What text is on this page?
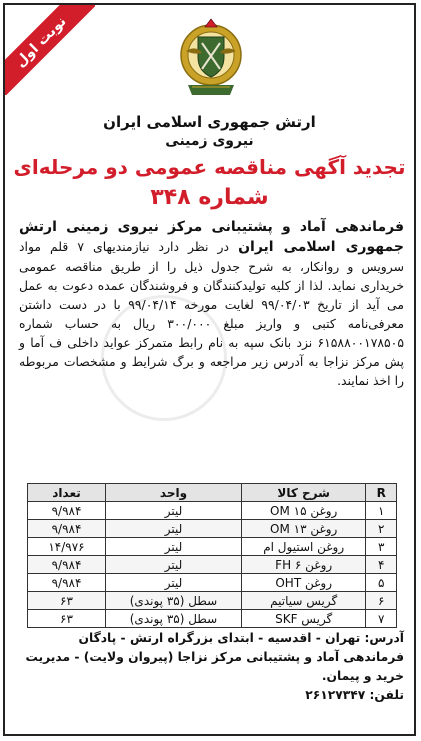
نوبت اول
ارتش جمهوری اسلامی ایران
نیروی زمینی
تجدید آگهی مناقصه عمومی دو مرحله‌ای
شماره ۳۴۸
فرماندهی آماد و پشتیبانی مرکز نیروی زمینی ارتش جمهوری اسلامی ایران در نظر دارد نیازمندیهای ۷ قلم مواد سرویس و روانکار، به شرح جدول ذیل را از طریق مناقصه عمومی خریداری نماید. لذا از کلیه تولیدکنندگان و فروشندگان عمده دعوت به عمل می آید از تاریخ ۹۹/۰۴/۰۳ لغایت مورخه ۹۹/۰۴/۱۴ با در دست داشتن معرفی‌نامه کتبی و واریز مبلغ ۳۰۰/۰۰۰ ریال به حساب شماره ۶۱۵۸۸۰۰۱۷۸۵۰۵ نزد بانک سپه به نام رابط متمرکز عواید داخلی ف آما و پش مرکز نزاجا به آدرس زیر مراجعه و برگ شرایط و مشخصات مربوطه را اخذ نمایند.
R	شرح کالا	واحد	تعداد
۱	روغن OM ۱۵	لیتر	۹/۹۸۴
۲	روغن OM ۱۳	لیتر	۹/۹۸۴
۳	روغن استیول ام	لیتر	۱۴/۹۷۶
۴	روغن FH ۶	لیتر	۹/۹۸۴
۵	روغن OHT	لیتر	۹/۹۸۴
۶	گریس سیاتیم	سطل (۳۵ پوندی)	۶۳
۷	گریس SKF	سطل (۳۵ پوندی)	۶۳
آدرس: تهران - اقدسیه - ابتدای بزرگراه ارتش - پادگان فرماندهی آماد و پشتیبانی مرکز نزاجا (پیروان ولایت) - مدیریت خرید و پیمان.
تلفن: ۲۶۱۲۷۳۴۷
